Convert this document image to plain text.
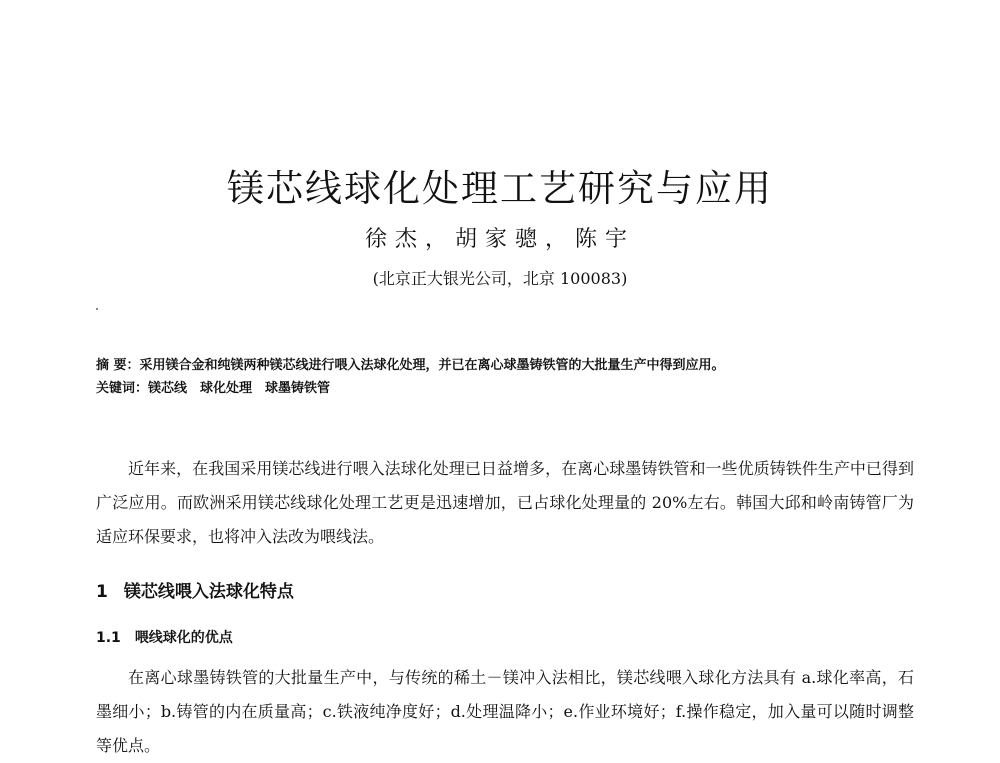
镁芯线球化处理工艺研究与应用
徐杰，胡家骢，陈宇
(北京正大银光公司，北京 100083)
摘 要：采用镁合金和纯镁两种镁芯线进行喂入法球化处理，并已在离心球墨铸铁管的大批量生产中得到应用。
关键词：镁芯线　球化处理　球墨铸铁管

近年来，在我国采用镁芯线进行喂入法球化处理已日益增多，在离心球墨铸铁管和一些优质铸铁件生产中已得到广泛应用。而欧洲采用镁芯线球化处理工艺更是迅速增加，已占球化处理量的 20%左右。韩国大邱和岭南铸管厂为适应环保要求，也将冲入法改为喂线法。

1 镁芯线喂入法球化特点
1.1 喂线球化的优点

在离心球墨铸铁管的大批量生产中，与传统的稀土－镁冲入法相比，镁芯线喂入球化方法具有 a.球化率高，石墨细小；b.铸管的内在质量高；c.铁液纯净度好；d.处理温降小；e.作业环境好；f.操作稳定，加入量可以随时调整等优点。
